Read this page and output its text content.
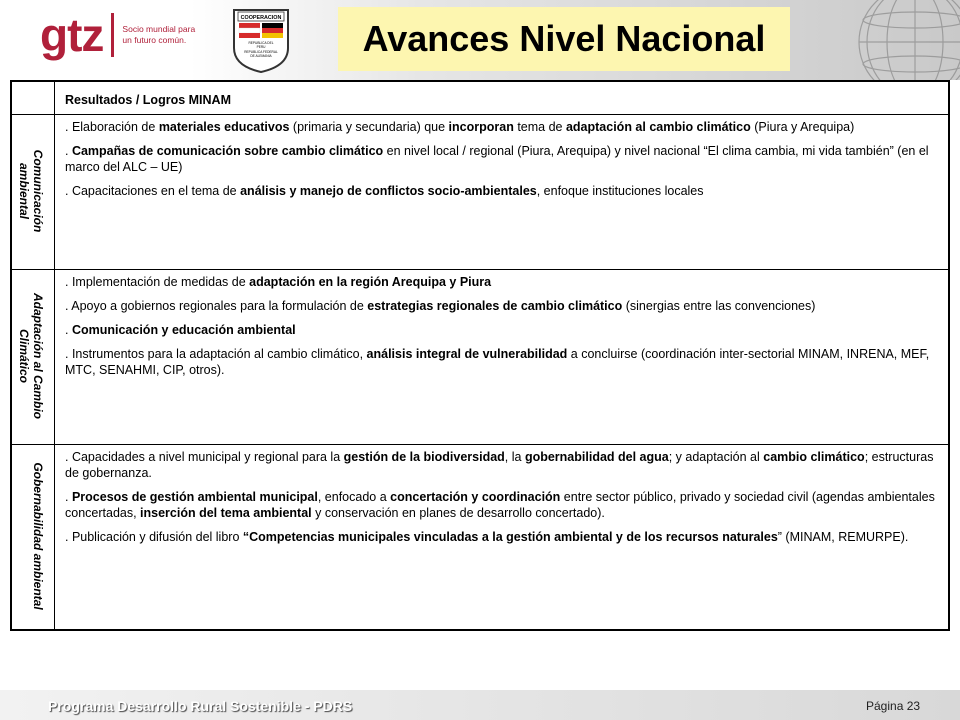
gtz Socio mundial para
un futuro común.
COOPERACION
REPUBLICA DEL
PERU
REPUBLICA FEDERAL
DE ALEMANIA	Avances Nivel Nacional
	Resultados / Logros MINAM

Comunicación ambiental	. Elaboración de materiales educativos (primaria y secundaria) que incorporan tema de adaptación al cambio climático (Piura y Arequipa)
. Campañas de comunicación sobre cambio climático en nivel local / regional (Piura, Arequipa) y nivel nacional “El clima cambia, mi vida también” (en el marco del ALC – UE)
. Capacitaciones en el tema de análisis y manejo de conflictos socio-ambientales, enfoque instituciones locales

Adaptación al Cambio Climático	. Implementación de medidas de adaptación en la región Arequipa y Piura
. Apoyo a gobiernos regionales para la formulación de estrategias regionales de cambio climático (sinergias entre las convenciones)
. Comunicación y educación ambiental
. Instrumentos para la adaptación al cambio climático, análisis integral de vulnerabilidad a concluirse (coordinación inter-sectorial MINAM, INRENA, MEF, MTC, SENAHMI, CIP, otros).

Gobernabilidad ambiental	. Capacidades a nivel municipal y regional para la gestión de la biodiversidad, la gobernabilidad del agua; y adaptación al cambio climático; estructuras de gobernanza.
. Procesos de gestión ambiental municipal, enfocado a concertación y coordinación entre sector público, privado y sociedad civil (agendas ambientales concertadas, inserción del tema ambiental y conservación en planes de desarrollo concertado).
. Publicación y difusión del libro “Competencias municipales vinculadas a la gestión ambiental y de los recursos naturales” (MINAM, REMURPE).
Programa Desarrollo Rural Sostenible - PDRS	Página 23
